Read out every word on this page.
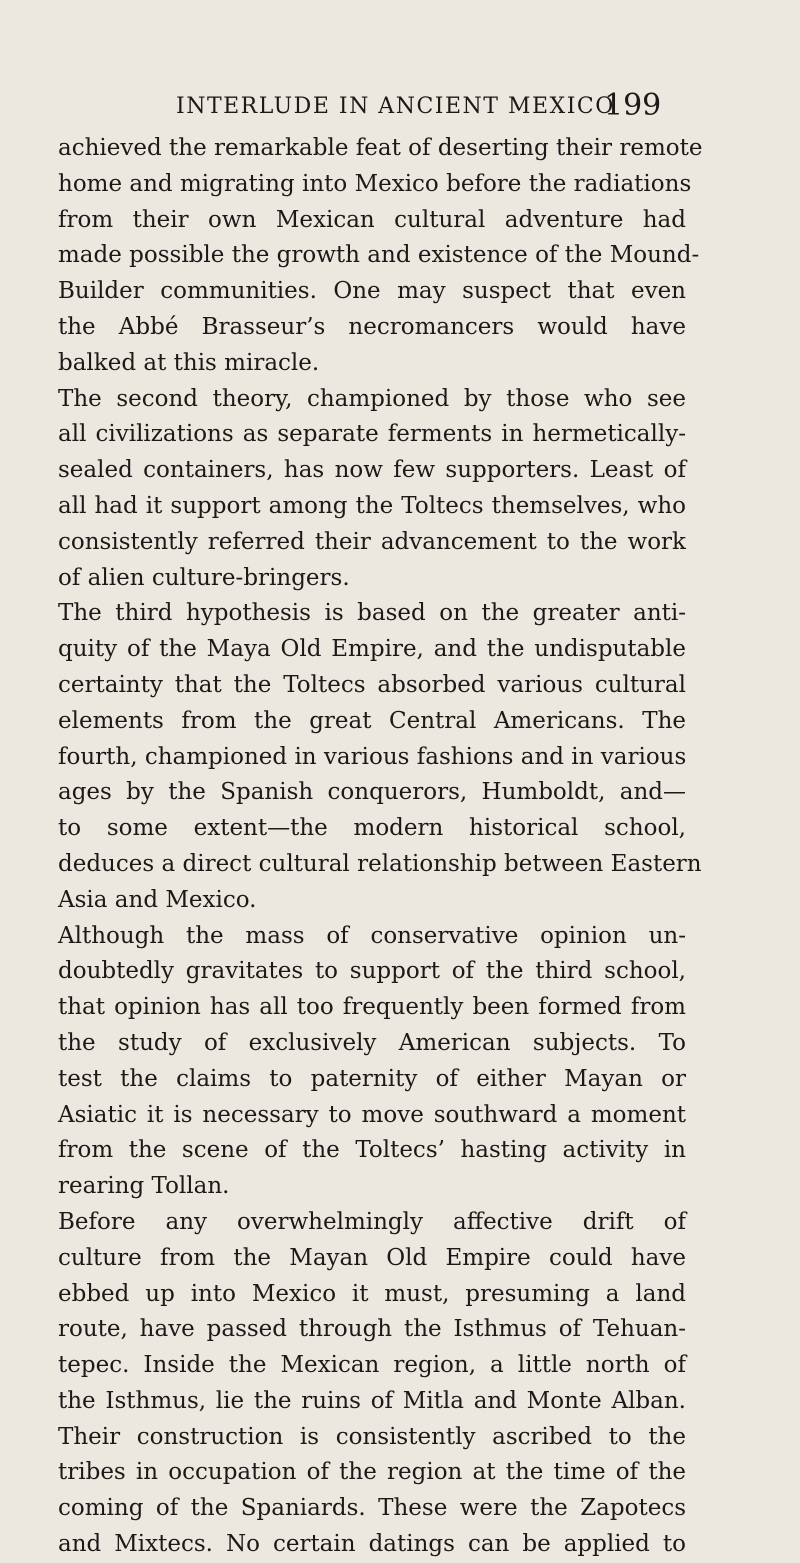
INTERLUDE IN ANCIENT MEXICO
199
achieved the remarkable feat of deserting their remote
home and migrating into Mexico before the radiations
from their own Mexican cultural adventure had
made possible the growth and existence of the Mound-
Builder communities. One may suspect that even
the Abbé Brasseur’s necromancers would have
balked at this miracle.
The second theory, championed by those who see
all civilizations as separate ferments in hermetically-
sealed containers, has now few supporters. Least of
all had it support among the Toltecs themselves, who
consistently referred their advancement to the work
of alien culture-bringers.
The third hypothesis is based on the greater anti-
quity of the Maya Old Empire, and the undisputable
certainty that the Toltecs absorbed various cultural
elements from the great Central Americans. The
fourth, championed in various fashions and in various
ages by the Spanish conquerors, Humboldt, and—
to some extent—the modern historical school,
deduces a direct cultural relationship between Eastern
Asia and Mexico.
Although the mass of conservative opinion un-
doubtedly gravitates to support of the third school,
that opinion has all too frequently been formed from
the study of exclusively American subjects. To
test the claims to paternity of either Mayan or
Asiatic it is necessary to move southward a moment
from the scene of the Toltecs’ hasting activity in
rearing Tollan.
Before any overwhelmingly affective drift of
culture from the Mayan Old Empire could have
ebbed up into Mexico it must, presuming a land
route, have passed through the Isthmus of Tehuan-
tepec. Inside the Mexican region, a little north of
the Isthmus, lie the ruins of Mitla and Monte Alban.
Their construction is consistently ascribed to the
tribes in occupation of the region at the time of the
coming of the Spaniards. These were the Zapotecs
and Mixtecs. No certain datings can be applied to
